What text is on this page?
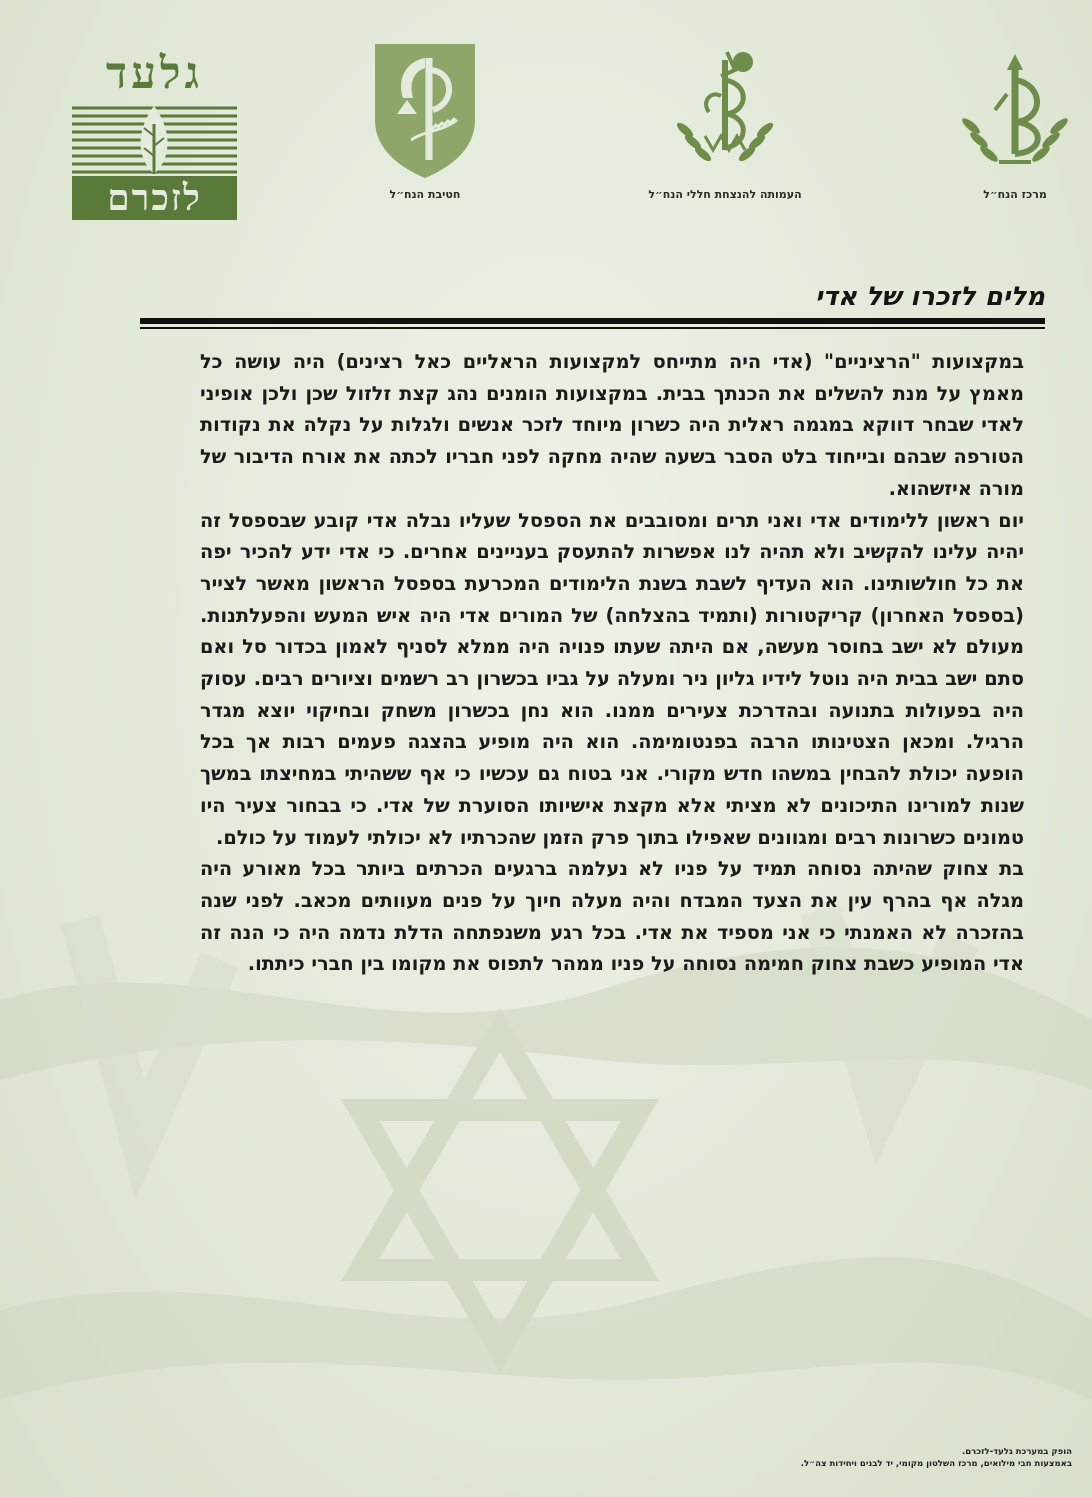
גלעד
לזכרם	חטיבת הנח״ל	העמותה להנצחת חללי הנח״ל	מרכז הנח״ל
מלים לזכרו של אדי

במקצועות "הרציניים" (אדי היה מתייחס למקצועות הראליים כאל רצינים) היה עושה כל מאמץ על מנת להשלים את הכנתך בבית. במקצועות הומנים נהג קצת זלזול שכן ולכן אופיני לאדי שבחר דווקא במגמה ראלית היה כשרון מיוחד לזכר אנשים ולגלות על נקלה את נקודות הטורפה שבהם ובייחוד בלט הסבר בשעה שהיה מחקה לפני חבריו לכתה את אורח הדיבור של מורה איזשהוא.

יום ראשון ללימודים אדי ואני תרים ומסובבים את הספסל שעליו נבלה אדי קובע שבספסל זה יהיה עלינו להקשיב ולא תהיה לנו אפשרות להתעסק בעניינים אחרים. כי אדי ידע להכיר יפה את כל חולשותינו. הוא העדיף לשבת בשנת הלימודים המכרעת בספסל הראשון מאשר לצייר (בספסל האחרון) קריקטורות (ותמיד בהצלחה) של המורים אדי היה איש המעש והפעלתנות. מעולם לא ישב בחוסר מעשה, אם היתה שעתו פנויה היה ממלא לסניף לאמון בכדור סל ואם סתם ישב בבית היה נוטל לידיו גליון ניר ומעלה על גביו בכשרון רב רשמים וציורים רבים. עסוק היה בפעולות בתנועה ובהדרכת צעירים ממנו. הוא נחן בכשרון משחק ובחיקוי יוצא מגדר הרגיל. ומכאן הצטינותו הרבה בפנטומימה. הוא היה מופיע בהצגה פעמים רבות אך בכל הופעה יכולת להבחין במשהו חדש מקורי. אני בטוח גם עכשיו כי אף ששהיתי במחיצתו במשך שנות למורינו התיכונים לא מציתי אלא מקצת אישיותו הסוערת של אדי. כי בבחור צעיר היו טמונים כשרונות רבים ומגוונים שאפילו בתוך פרק הזמן שהכרתיו לא יכולתי לעמוד על כולם.

בת צחוק שהיתה נסוחה תמיד על פניו לא נעלמה ברגעים הכרתים ביותר בכל מאורע היה מגלה אף בהרף עין את הצעד המבדח והיה מעלה חיוך על פנים מעוותים מכאב. לפני שנה בהזכרה לא האמנתי כי אני מספיד את אדי. בכל רגע משנפתחה הדלת נדמה היה כי הנה זה אדי המופיע כשבת צחוק חמימה נסוחה על פניו ממהר לתפוס את מקומו בין חברי כיתתו.

הופק במערכת גלעד-לזכרם.
באמצעות חבי מילואים, מרכז השלטון מקומי, יד לבנים ויחידות צה״ל.
